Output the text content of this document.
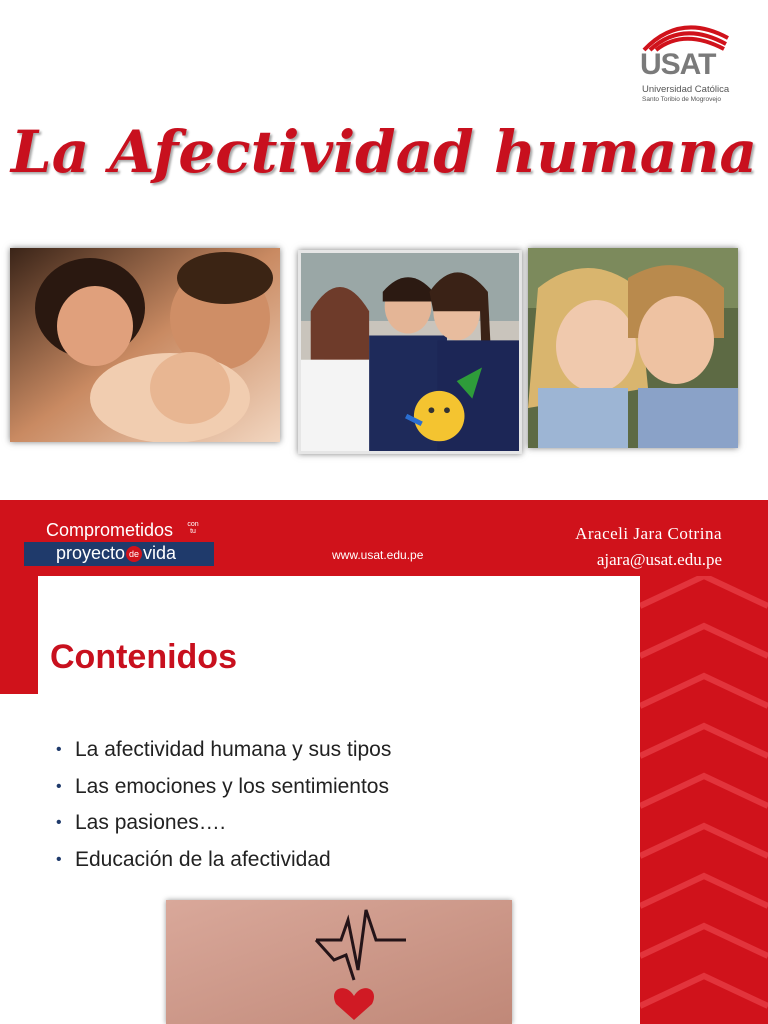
USAT
Universidad Católica
Santo Toribio de Mogrovejo
La Afectividad humana
Comprometidos con
tu
proyecto de vida	www.usat.edu.pe
Araceli Jara Cotrina
ajara@usat.edu.pe
Contenidos
• La afectividad humana y sus tipos
• Las emociones y los sentimientos
• Las pasiones….
• Educación de la afectividad
